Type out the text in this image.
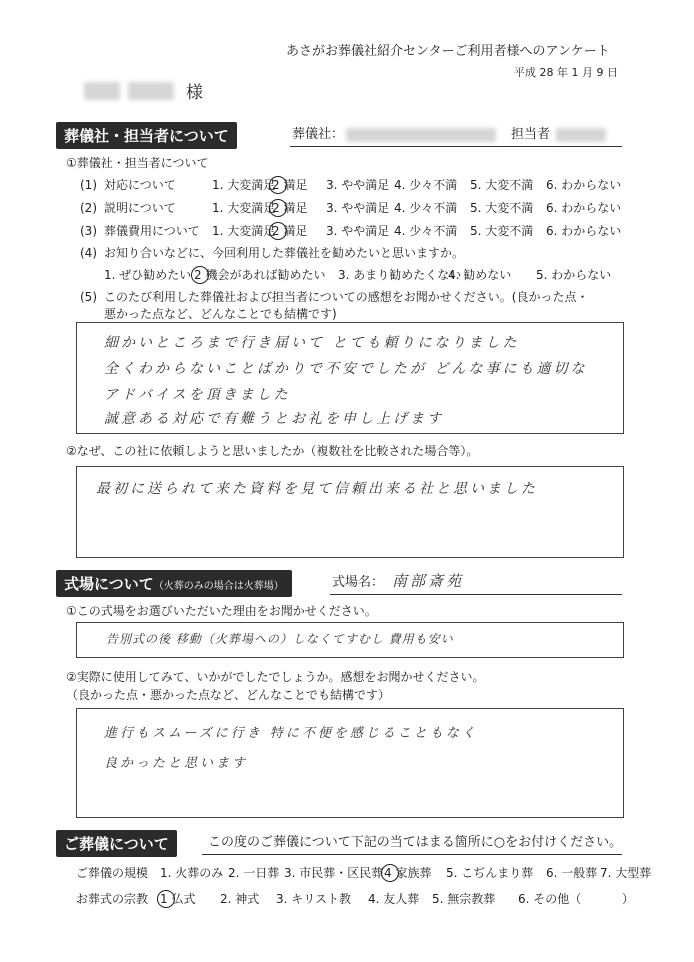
あさがお葬儀社紹介センターご利用者様へのアンケート
平成 28 年 1 月 9 日
様
葬儀社・担当者について	葬儀社：	担当者
①葬儀社・担当者について
(1) 対応について	1. 大変満足
2 満足 3. やや満足 4. 少々不満 5. 大変不満 6. わからない
(2) 説明について	1. 大変満足
2 満足 3. やや満足 4. 少々不満 5. 大変不満 6. わからない
(3) 葬儀費用について 1. 大変満足
2 満足 3. やや満足 4. 少々不満 5. 大変不満 6. わからない
(4) お知り合いなどに、今回利用した葬儀社を勧めたいと思いますか。
1. ぜひ勧めたい 2 機会があれば勧めたい 3. あまり勧めたくない
4. 勧めない 5. わからない
(5) このたび利用した葬儀社および担当者についての感想をお聞かせください。(良かった点・
悪かった点など、どんなことでも結構です)
細かいところまで行き届いて とても頼りになりました
全くわからないことばかりで不安でしたが どんな事にも適切な
アドバイスを頂きました
誠意ある対応で有難うとお礼を申し上げます
②なぜ、この社に依頼しようと思いましたか（複数社を比較された場合等）。
最初に送られて来た資料を見て信頼出来る社と思いました
式場について（火葬のみの場合は火葬場）	式場名： 南部斎苑
①この式場をお選びいただいた理由をお聞かせください。
告別式の後 移動（火葬場への）しなくてすむし 費用も安い
②実際に使用してみて、いかがでしたでしょうか。感想をお聞かせください。
（良かった点・悪かった点など、どんなことでも結構です）
進行もスムーズに行き 特に不便を感じることもなく
良かったと思います
ご葬儀について	この度のご葬儀について下記の当てはまる箇所に○をお付けください。
ご葬儀の規模 1. 火葬のみ 2. 一日葬 3. 市民葬・区民葬 4 家族葬 5. こぢんまり葬 6. 一般葬 7. 大型葬
お葬式の宗教 1 仏式 2. 神式 3. キリスト教 4. 友人葬 5. 無宗教葬 6. その他（	）
